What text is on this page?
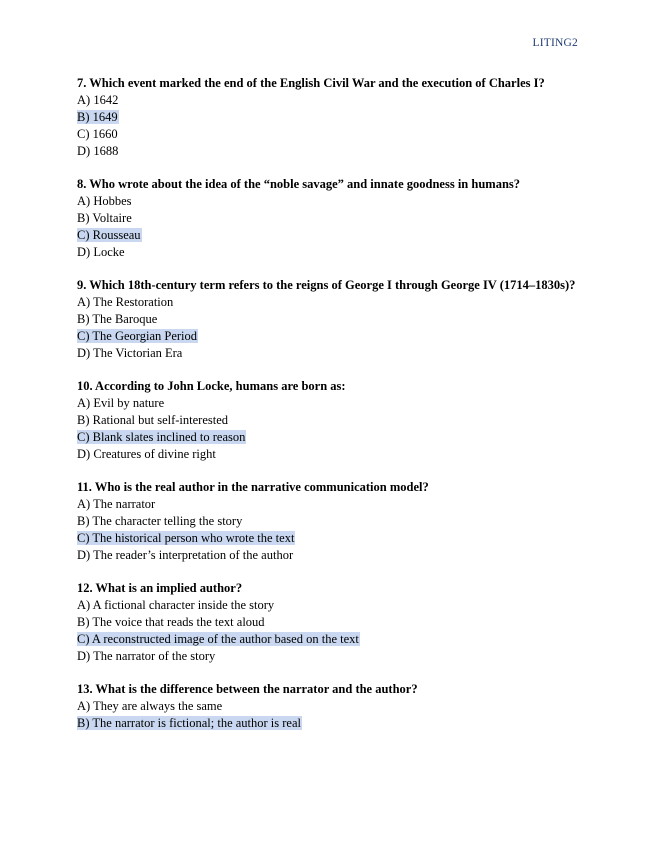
LITING2

7. Which event marked the end of the English Civil War and the execution of Charles I?

A) 1642

B) 1649

C) 1660

D) 1688

8. Who wrote about the idea of the “noble savage” and innate goodness in humans?

A) Hobbes

B) Voltaire

C) Rousseau

D) Locke

9. Which 18th-century term refers to the reigns of George I through George IV (1714–1830s)?

A) The Restoration

B) The Baroque

C) The Georgian Period

D) The Victorian Era

10. According to John Locke, humans are born as:

A) Evil by nature

B) Rational but self-interested

C) Blank slates inclined to reason

D) Creatures of divine right

11. Who is the real author in the narrative communication model?

A) The narrator

B) The character telling the story

C) The historical person who wrote the text

D) The reader’s interpretation of the author

12. What is an implied author?

A) A fictional character inside the story

B) The voice that reads the text aloud

C) A reconstructed image of the author based on the text

D) The narrator of the story

13. What is the difference between the narrator and the author?

A) They are always the same

B) The narrator is fictional; the author is real
